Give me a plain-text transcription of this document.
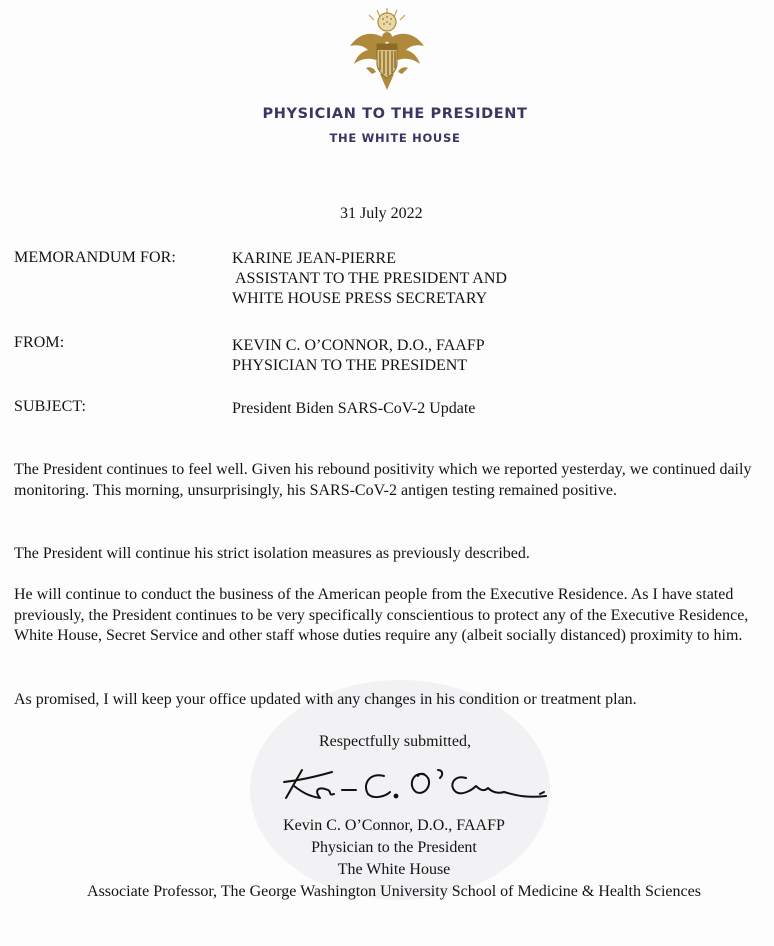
PHYSICIAN TO THE PRESIDENT
THE WHITE HOUSE
31 July 2022
MEMORANDUM FOR:	KARINE JEAN-PIERRE
ASSISTANT TO THE PRESIDENT AND
WHITE HOUSE PRESS SECRETARY
FROM:	KEVIN C. O’CONNOR, D.O., FAAFP
PHYSICIAN TO THE PRESIDENT
SUBJECT:	President Biden SARS-CoV-2 Update
The President continues to feel well. Given his rebound positivity which we reported yesterday, we continued daily monitoring. This morning, unsurprisingly, his SARS-CoV-2 antigen testing remained positive.
The President will continue his strict isolation measures as previously described.
He will continue to conduct the business of the American people from the Executive Residence. As I have stated previously, the President continues to be very specifically conscientious to protect any of the Executive Residence, White House, Secret Service and other staff whose duties require any (albeit socially distanced) proximity to him.
As promised, I will keep your office updated with any changes in his condition or treatment plan.
Respectfully submitted,
Kevin C. O’Connor, D.O., FAAFP
Physician to the President
The White House
Associate Professor, The George Washington University School of Medicine & Health Sciences
